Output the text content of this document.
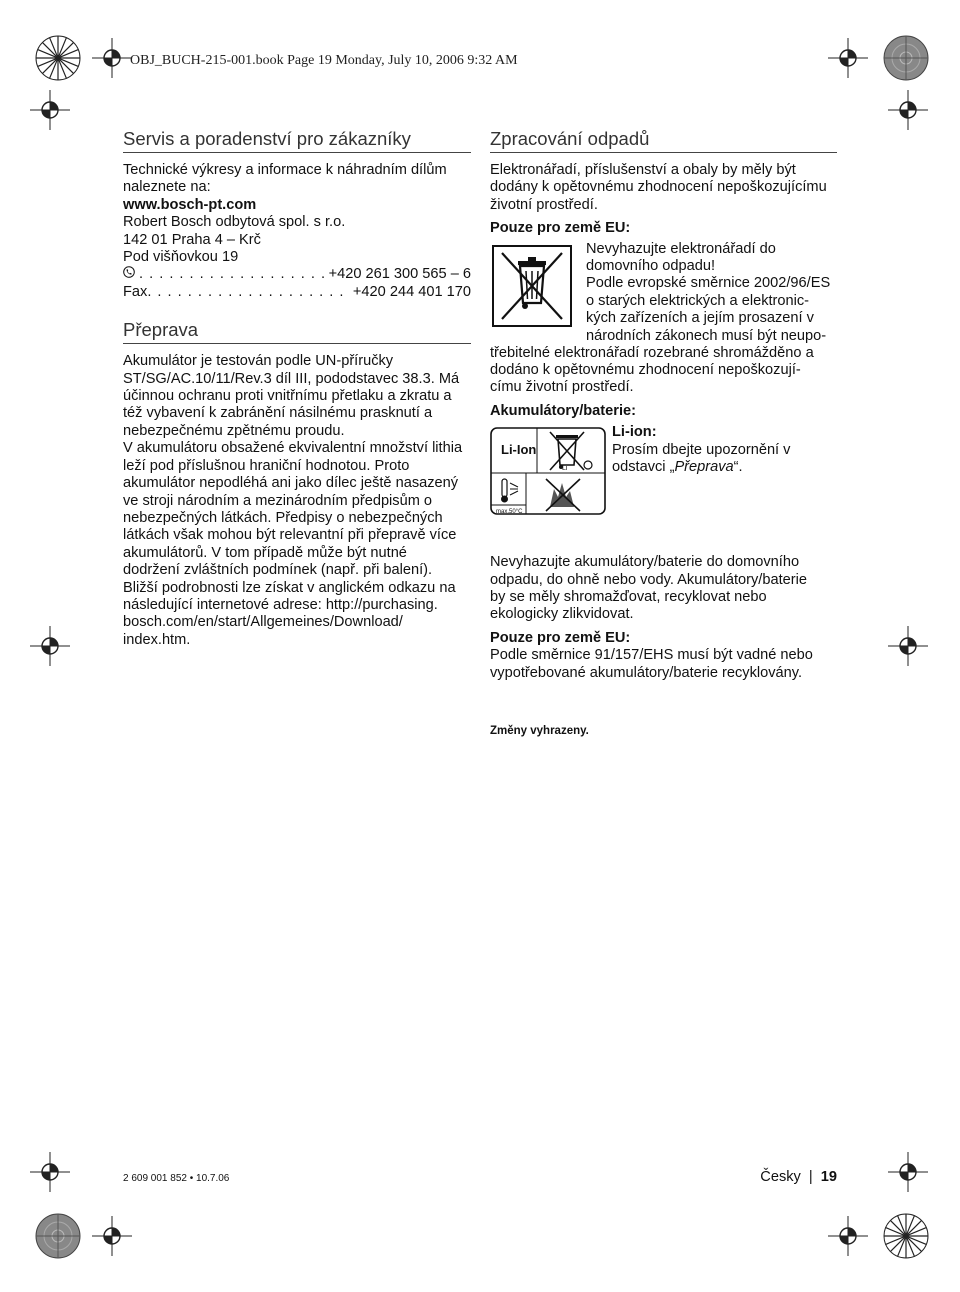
OBJ_BUCH-215-001.book Page 19 Monday, July 10, 2006 9:32 AM
Servis a poradenství pro zákazníky

Technické výkresy a informace k náhradním dílům

naleznete na:

www.bosch-pt.com

Robert Bosch odbytová spol. s r.o.

142 01 Praha 4 – Krč

Pod višňovkou 19

. . .
+420 261 300 565 – 6
Fax
. . .	+420 244 401 170
Přeprava

Akumulátor je testován podle UN-příručky

ST/SG/AC.10/11/Rev.3 díl III, pododstavec 38.3. Má

účinnou ochranu proti vnitřnímu přetlaku a zkratu a

též vybavení k zabránění násilnému prasknutí a

nebezpečnému zpětnému proudu.

V akumulátoru obsažené ekvivalentní množství lithia

leží pod příslušnou hraniční hodnotou. Proto

akumulátor nepodléhá ani jako dílec ještě nasazený

ve stroji národním a mezinárodním předpisům o

nebezpečných látkách. Předpisy o nebezpečných

látkách však mohou být relevantní při přepravě více

akumulátorů. V tom případě může být nutné

dodržení zvláštních podmínek (např. při balení).

Bližší podrobnosti lze získat v anglickém odkazu na

následující internetové adrese: http://purchasing.

bosch.com/en/start/Allgemeines/Download/

index.htm.

Zpracování odpadů

Elektronářadí, příslušenství a obaly by měly být

dodány k opětovnému zhodnocení nepoškozujícímu

životní prostředí.

Pouze pro země EU:

Nevyhazujte elektronářadí do

domovního odpadu!

Podle evropské směrnice 2002/96/ES

o starých elektrických a elektronic-

kých zařízeních a jejím prosazení v

národních zákonech musí být neupo-

třebitelné elektronářadí rozebrané shromážděno a

dodáno k opětovnému zhodnocení nepoškozují-

címu životní prostředí.

Akumulátory/baterie:

Li-Ion
Li
max.50°C

Li-ion:

Prosím dbejte upozornění v

odstavci „Přeprava“.

Nevyhazujte akumulátory/baterie do domovního

odpadu, do ohně nebo vody. Akumulátory/baterie

by se měly shromažďovat, recyklovat nebo

ekologicky zlikvidovat.

Pouze pro země EU:

Podle směrnice 91/157/EHS musí být vadné nebo

vypotřebované akumulátory/baterie recyklovány.

Změny vyhrazeny.
2 609 001 852 • 10.7.06	Česky | 19
